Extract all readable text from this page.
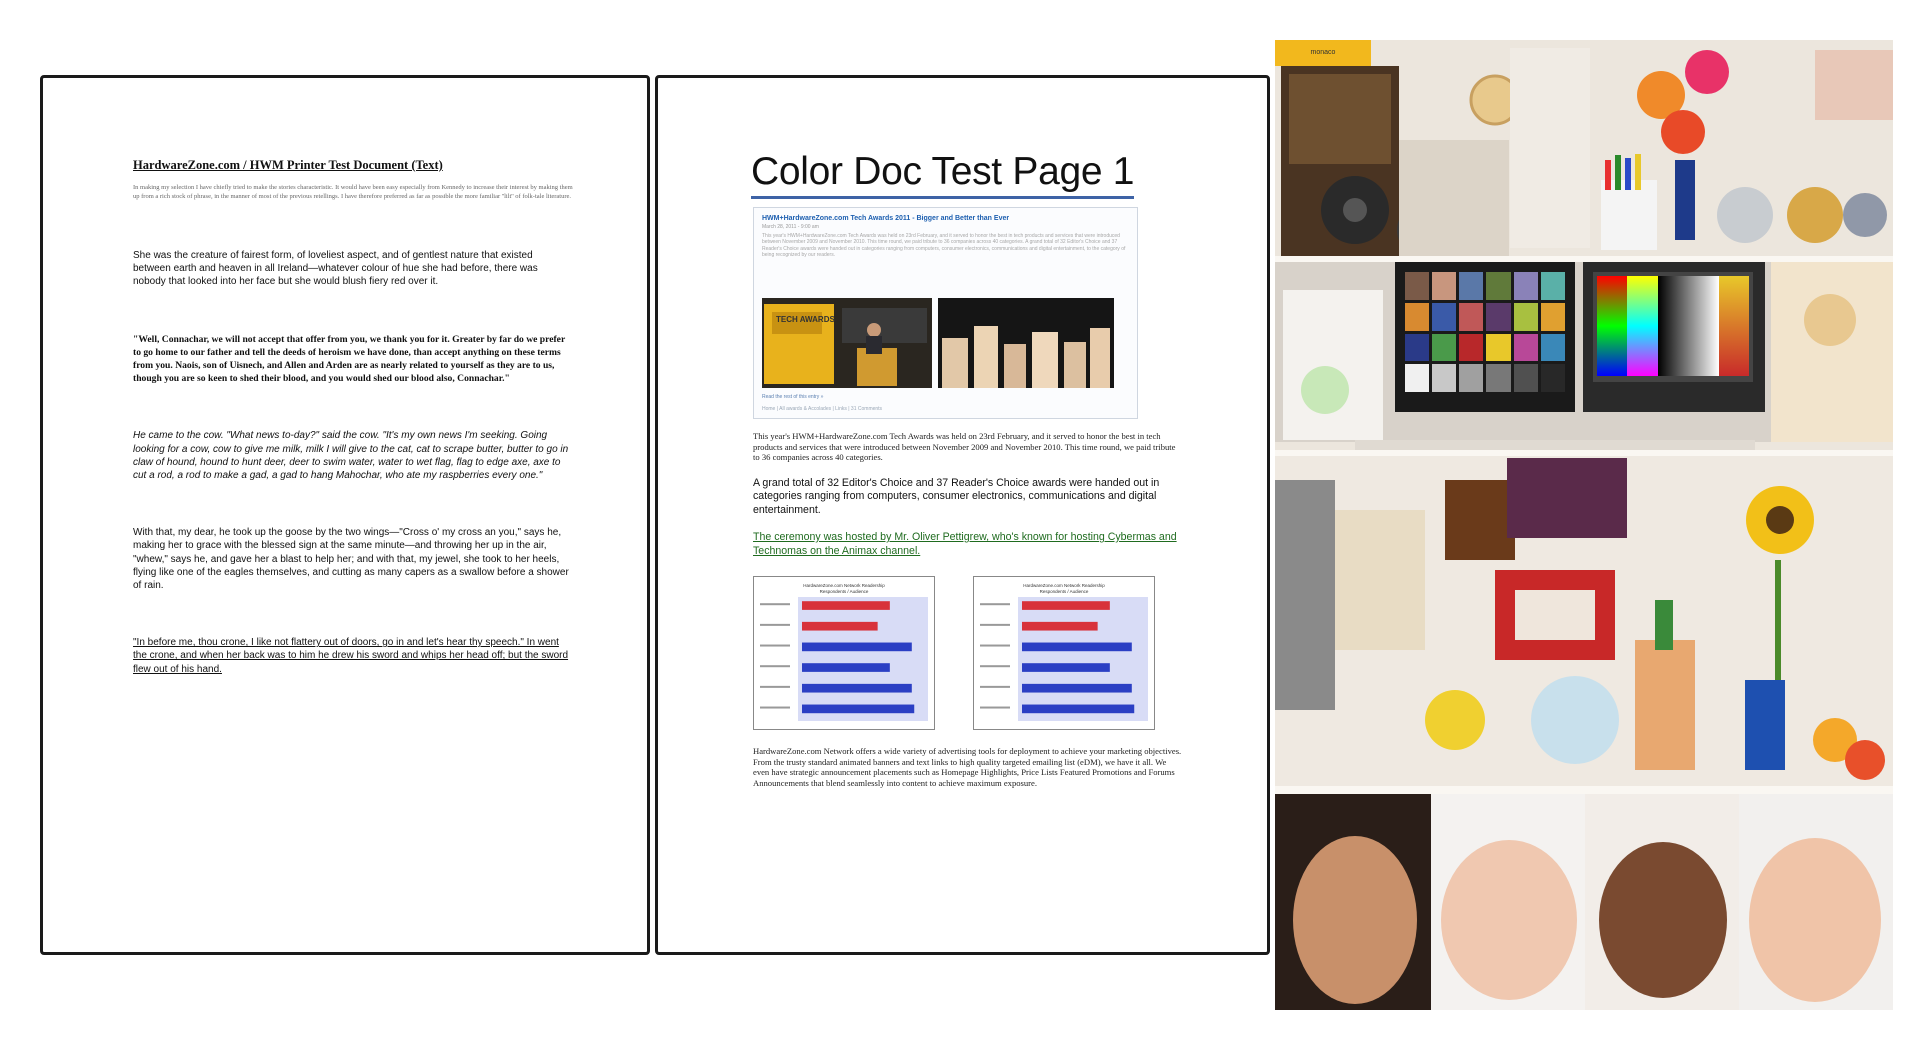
HardwareZone.com / HWM Printer Test Document (Text)
In making my selection I have chiefly tried to make the stories characteristic. It would have been easy especially from Kennedy to increase their interest by making them up from a rich stock of phrase, in the manner of most of the previous retellings. I have therefore preferred as far as possible the more familiar ''lilt'' of folk-tale literature.
She was the creature of fairest form, of loveliest aspect, and of gentlest nature that existed between earth and heaven in all Ireland—whatever colour of hue she had before, there was nobody that looked into her face but she would blush fiery red over it.
"Well, Connachar, we will not accept that offer from you, we thank you for it. Greater by far do we prefer to go home to our father and tell the deeds of heroism we have done, than accept anything on these terms from you. Naois, son of Uisnech, and Allen and Arden are as nearly related to yourself as they are to us, though you are so keen to shed their blood, and you would shed our blood also, Connachar."
He came to the cow. "What news to-day?" said the cow. "It's my own news I'm seeking. Going looking for a cow, cow to give me milk, milk I will give to the cat, cat to scrape butter, butter to go in claw of hound, hound to hunt deer, deer to swim water, water to wet flag, flag to edge axe, axe to cut a rod, a rod to make a gad, a gad to hang Mahochar, who ate my raspberries every one."
With that, my dear, he took up the goose by the two wings—"Cross o' my cross an you," says he, making her to grace with the blessed sign at the same minute—and throwing her up in the air, "whew," says he, and gave her a blast to help her; and with that, my jewel, she took to her heels, flying like one of the eagles themselves, and cutting as many capers as a swallow before a shower of rain.
"In before me, thou crone, I like not flattery out of doors, go in and let's hear thy speech." In went the crone, and when her back was to him he drew his sword and whips her head off; but the sword flew out of his hand.
Color Doc Test Page 1
HWM+HardwareZone.com Tech Awards 2011 - Bigger and Better than Ever
March 28, 2011 - 9:00 am
This year's HWM+HardwareZone.com Tech Awards was held on 23rd February, and it served to honor the best in tech products and services that were introduced between November 2009 and November 2010. This time round, we paid tribute to 36 companies across 40 categories. A grand total of 32 Editor's Choice and 37 Reader's Choice awards were handed out in categories ranging from computers, consumer electronics, communications and digital entertainment, to the category of being recognized by our readers.
TECH AWARDS
Read the rest of this entry »
Home | All awards & Accolades | Links | 31 Comments
This year's HWM+HardwareZone.com Tech Awards was held on 23rd February, and it served to honor the best in tech products and services that were introduced between November 2009 and November 2010. This time round, we paid tribute to 36 companies across 40 categories.
A grand total of 32 Editor's Choice and 37 Reader's Choice awards were handed out in categories ranging from computers, consumer electronics, communications and digital entertainment.
The ceremony was hosted by Mr. Oliver Pettigrew, who's known for hosting Cybermas and Technomas on the Animax channel.
HardwareZone.com Network Readership
Respondents / Audience
HardwareZone.com Network Readership
Respondents / Audience
HardwareZone.com Network offers a wide variety of advertising tools for deployment to achieve your marketing objectives. From the trusty standard animated banners and text links to high quality targeted emailing list (eDM), we have it all. We even have strategic announcement placements such as Homepage Highlights, Price Lists Featured Promotions and Forums Announcements that blend seamlessly into content to achieve maximum exposure.
monaco
